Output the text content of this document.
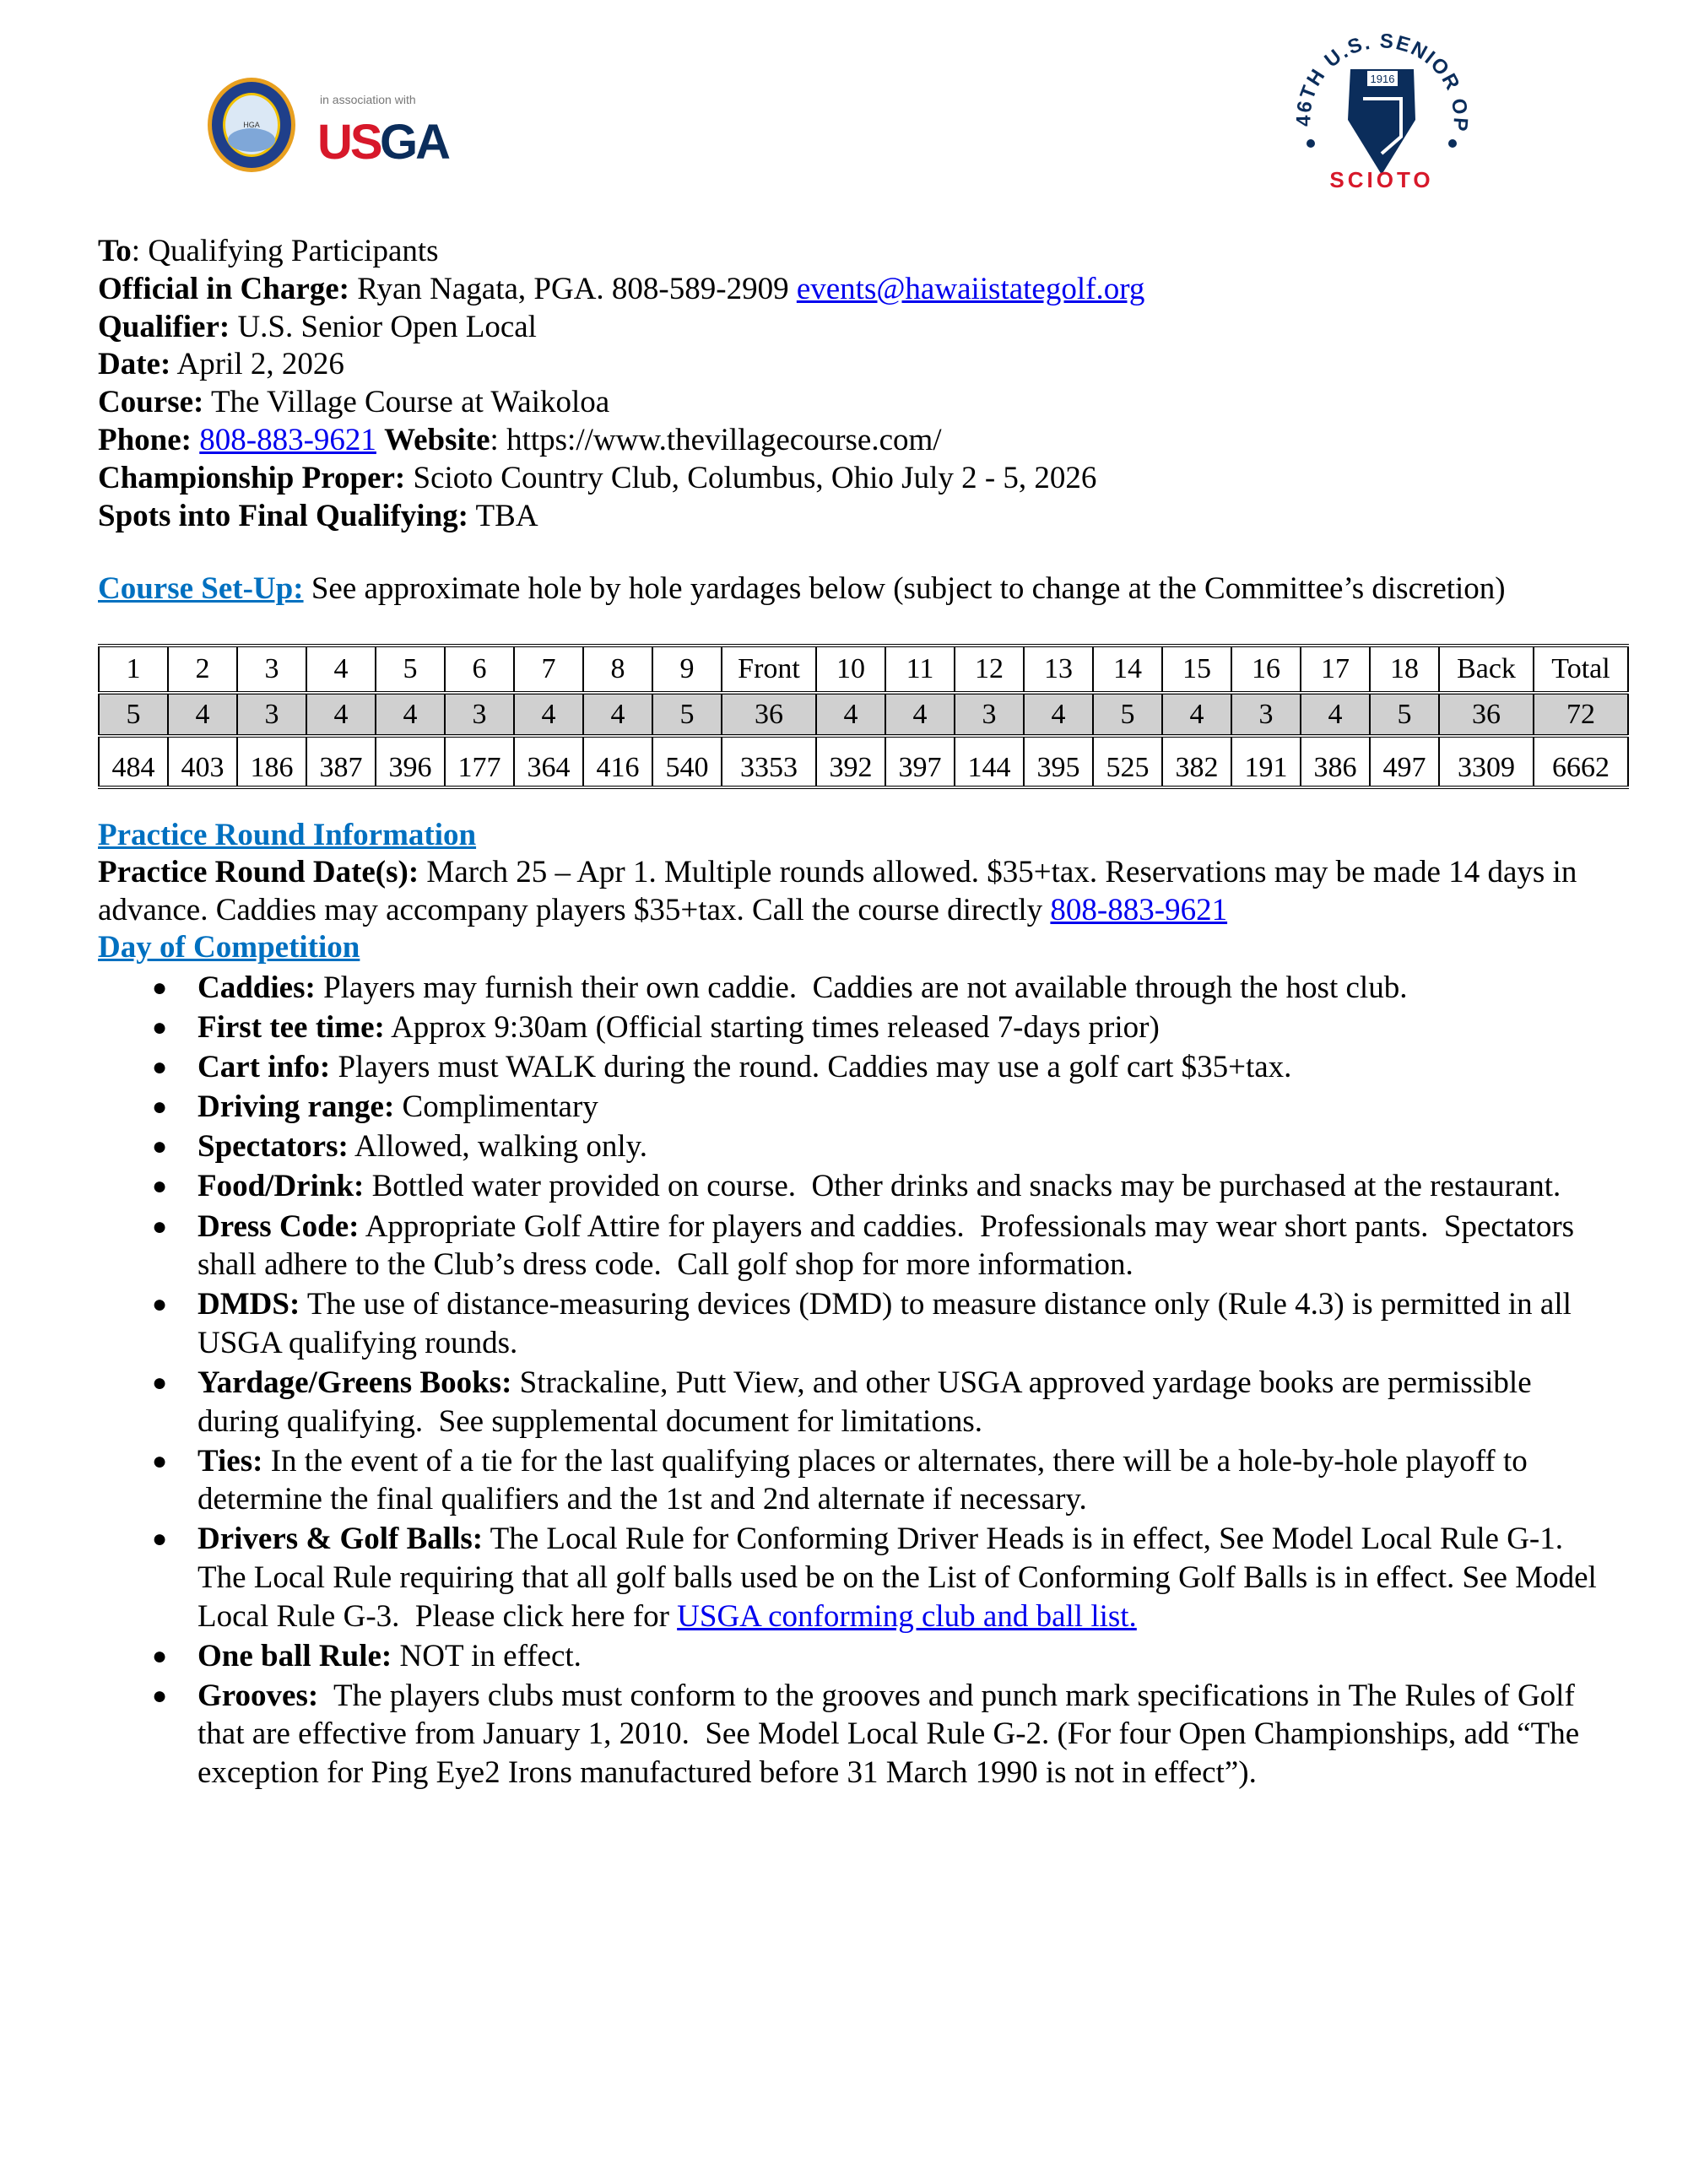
HGA
in association with
US GA	46TH U.S. SENIOR OP
1916
SCIOTO
To: Qualifying Participants
Official in Charge: Ryan Nagata, PGA. 808-589-2909 events@hawaiistategolf.org
Qualifier: U.S. Senior Open Local
Date: April 2, 2026
Course: The Village Course at Waikoloa
Phone: 808-883-9621 Website: https://www.thevillagecourse.com/
Championship Proper: Scioto Country Club, Columbus, Ohio July 2 - 5, 2026
Spots into Final Qualifying: TBA
Course Set-Up: See approximate hole by hole yardages below (subject to change at the Committee’s discretion)
1	2	3	4	5	6	7	8	9	Front	10	11	12	13	14	15	16	17	18	Back	Total
5	4	3	4	4	3	4	4	5	36	4	4	3	4	5	4	3	4	5	36	72
484	403	186	387	396	177	364	416	540	3353	392	397	144	395	525	382	191	386	497	3309	6662
Practice Round Information
Practice Round Date(s): March 25 – Apr 1. Multiple rounds allowed. $35+tax. Reservations may be made 14 days in advance. Caddies may accompany players $35+tax. Call the course directly 808-883-9621
Day of Competition
● Caddies: Players may furnish their own caddie.  Caddies are not available through the host club.
● First tee time: Approx 9:30am (Official starting times released 7-days prior)
● Cart info: Players must WALK during the round. Caddies may use a golf cart $35+tax.
● Driving range: Complimentary
● Spectators: Allowed, walking only.
● Food/Drink: Bottled water provided on course.  Other drinks and snacks may be purchased at the restaurant.
● Dress Code: Appropriate Golf Attire for players and caddies.  Professionals may wear short pants.  Spectators shall adhere to the Club’s dress code.  Call golf shop for more information.
● DMDS: The use of distance-measuring devices (DMD) to measure distance only (Rule 4.3) is permitted in all USGA qualifying rounds.
● Yardage/Greens Books: Strackaline, Putt View, and other USGA approved yardage books are permissible during qualifying.  See supplemental document for limitations.
● Ties: In the event of a tie for the last qualifying places or alternates, there will be a hole-by-hole playoff to determine the final qualifiers and the 1st and 2nd alternate if necessary.
● Drivers & Golf Balls: The Local Rule for Conforming Driver Heads is in effect, See Model Local Rule G-1. The Local Rule requiring that all golf balls used be on the List of Conforming Golf Balls is in effect. See Model Local Rule G-3.  Please click here for USGA conforming club and ball list.
● One ball Rule: NOT in effect.
● Grooves:  The players clubs must conform to the grooves and punch mark specifications in The Rules of Golf that are effective from January 1, 2010.  See Model Local Rule G-2. (For four Open Championships, add “The exception for Ping Eye2 Irons manufactured before 31 March 1990 is not in effect”).
